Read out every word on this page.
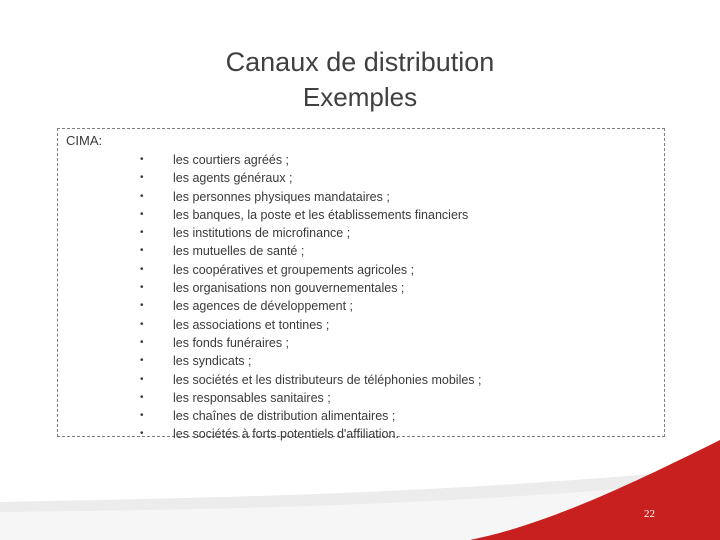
Canaux de distribution
Exemples
CIMA:
• les courtiers agréés ;
• les agents généraux ;
• les personnes physiques mandataires ;
• les banques, la poste et les établissements financiers
• les institutions de microfinance ;
• les mutuelles de santé ;
• les coopératives et groupements agricoles ;
• les organisations non gouvernementales ;
• les agences de développement ;
• les associations et tontines ;
• les fonds funéraires ;
• les syndicats ;
• les sociétés et les distributeurs de téléphonies mobiles ;
• les responsables sanitaires ;
• les chaînes de distribution alimentaires ;
• les sociétés à forts potentiels d'affiliation.
22
